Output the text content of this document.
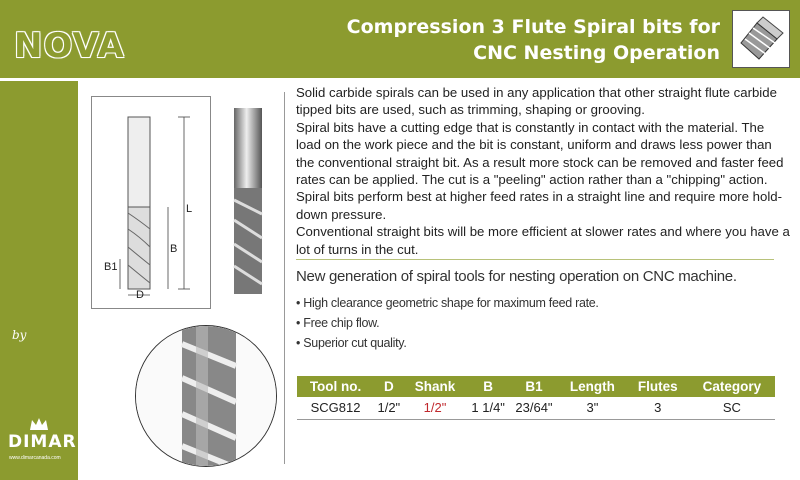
NOVA	Compression 3 Flute Spiral bits for
CNC Nesting Operation
by
DIMAR
www.dimarcanada.com
L
B
B1
D

Solid carbide spirals can be used in any application that other straight flute carbide tipped bits are used, such as trimming, shaping or grooving.

Spiral bits have a cutting edge that is constantly in contact with the material. The load on the work piece and the bit is constant, uniform and draws less power than the conventional straight bit. As a result more stock can be removed and faster feed rates can be applied. The cut is a "peeling" action rather than a "chipping" action. Spiral bits perform best at higher feed rates in a straight line and require more hold-down pressure.

Conventional straight bits will be more efficient at slower rates and where you have a lot of turns in the cut.

New generation of spiral tools for nesting operation on CNC machine.
• High clearance geometric shape for maximum feed rate.
• Free chip flow.
• Superior cut quality.
Tool no.	D	Shank	B	B1	Length	Flutes	Category
SCG812	1/2"	1/2"	1 1/4"	23/64"	3"	3	SC
